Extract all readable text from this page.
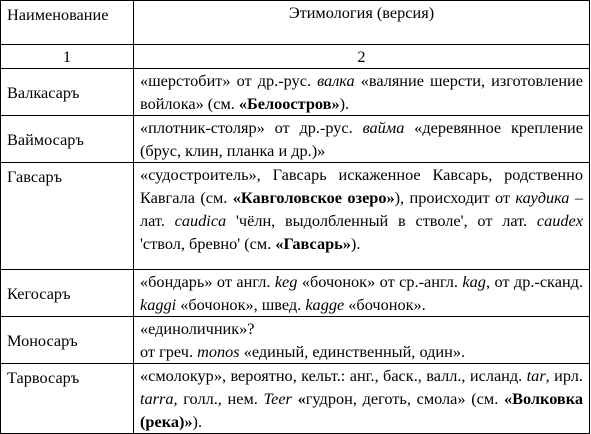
Наименование	Этимология (версия)
1	2
Валкасаръ	«шерстобит» от др.-рус. валка «валяние шерсти, изготовление войлока» (см. «Белоостров»).
Ваймосаръ	«плотник-столяр» от др.-рус. вайма «деревянное крепление (брус, клин, планка и др.)»
Гавсаръ	«судостроитель», Гавсарь искаженное Кавсарь, родственно Кавгала (см. «Кавголовское озеро»), происходит от каудика – лат. caudica 'чёлн, выдолбленный в стволе', от лат. caudex 'ствол, бревно' (см. «Гавсарь»).
Кегосаръ	«бондарь» от англ. keg «бочонок» от ср.-англ. kag, от др.-сканд. kaggi «бочонок», швед. kagge «бочонок».
Моносаръ	«единоличник»?
от греч. monos «единый, единственный, один».
Тарвосаръ	«смолокур», вероятно, кельт.: анг., баск., валл., исланд. tar, ирл. tarra, голл., нем. Teer «гудрон, деготь, смола» (см. «Волковка (река)»).
